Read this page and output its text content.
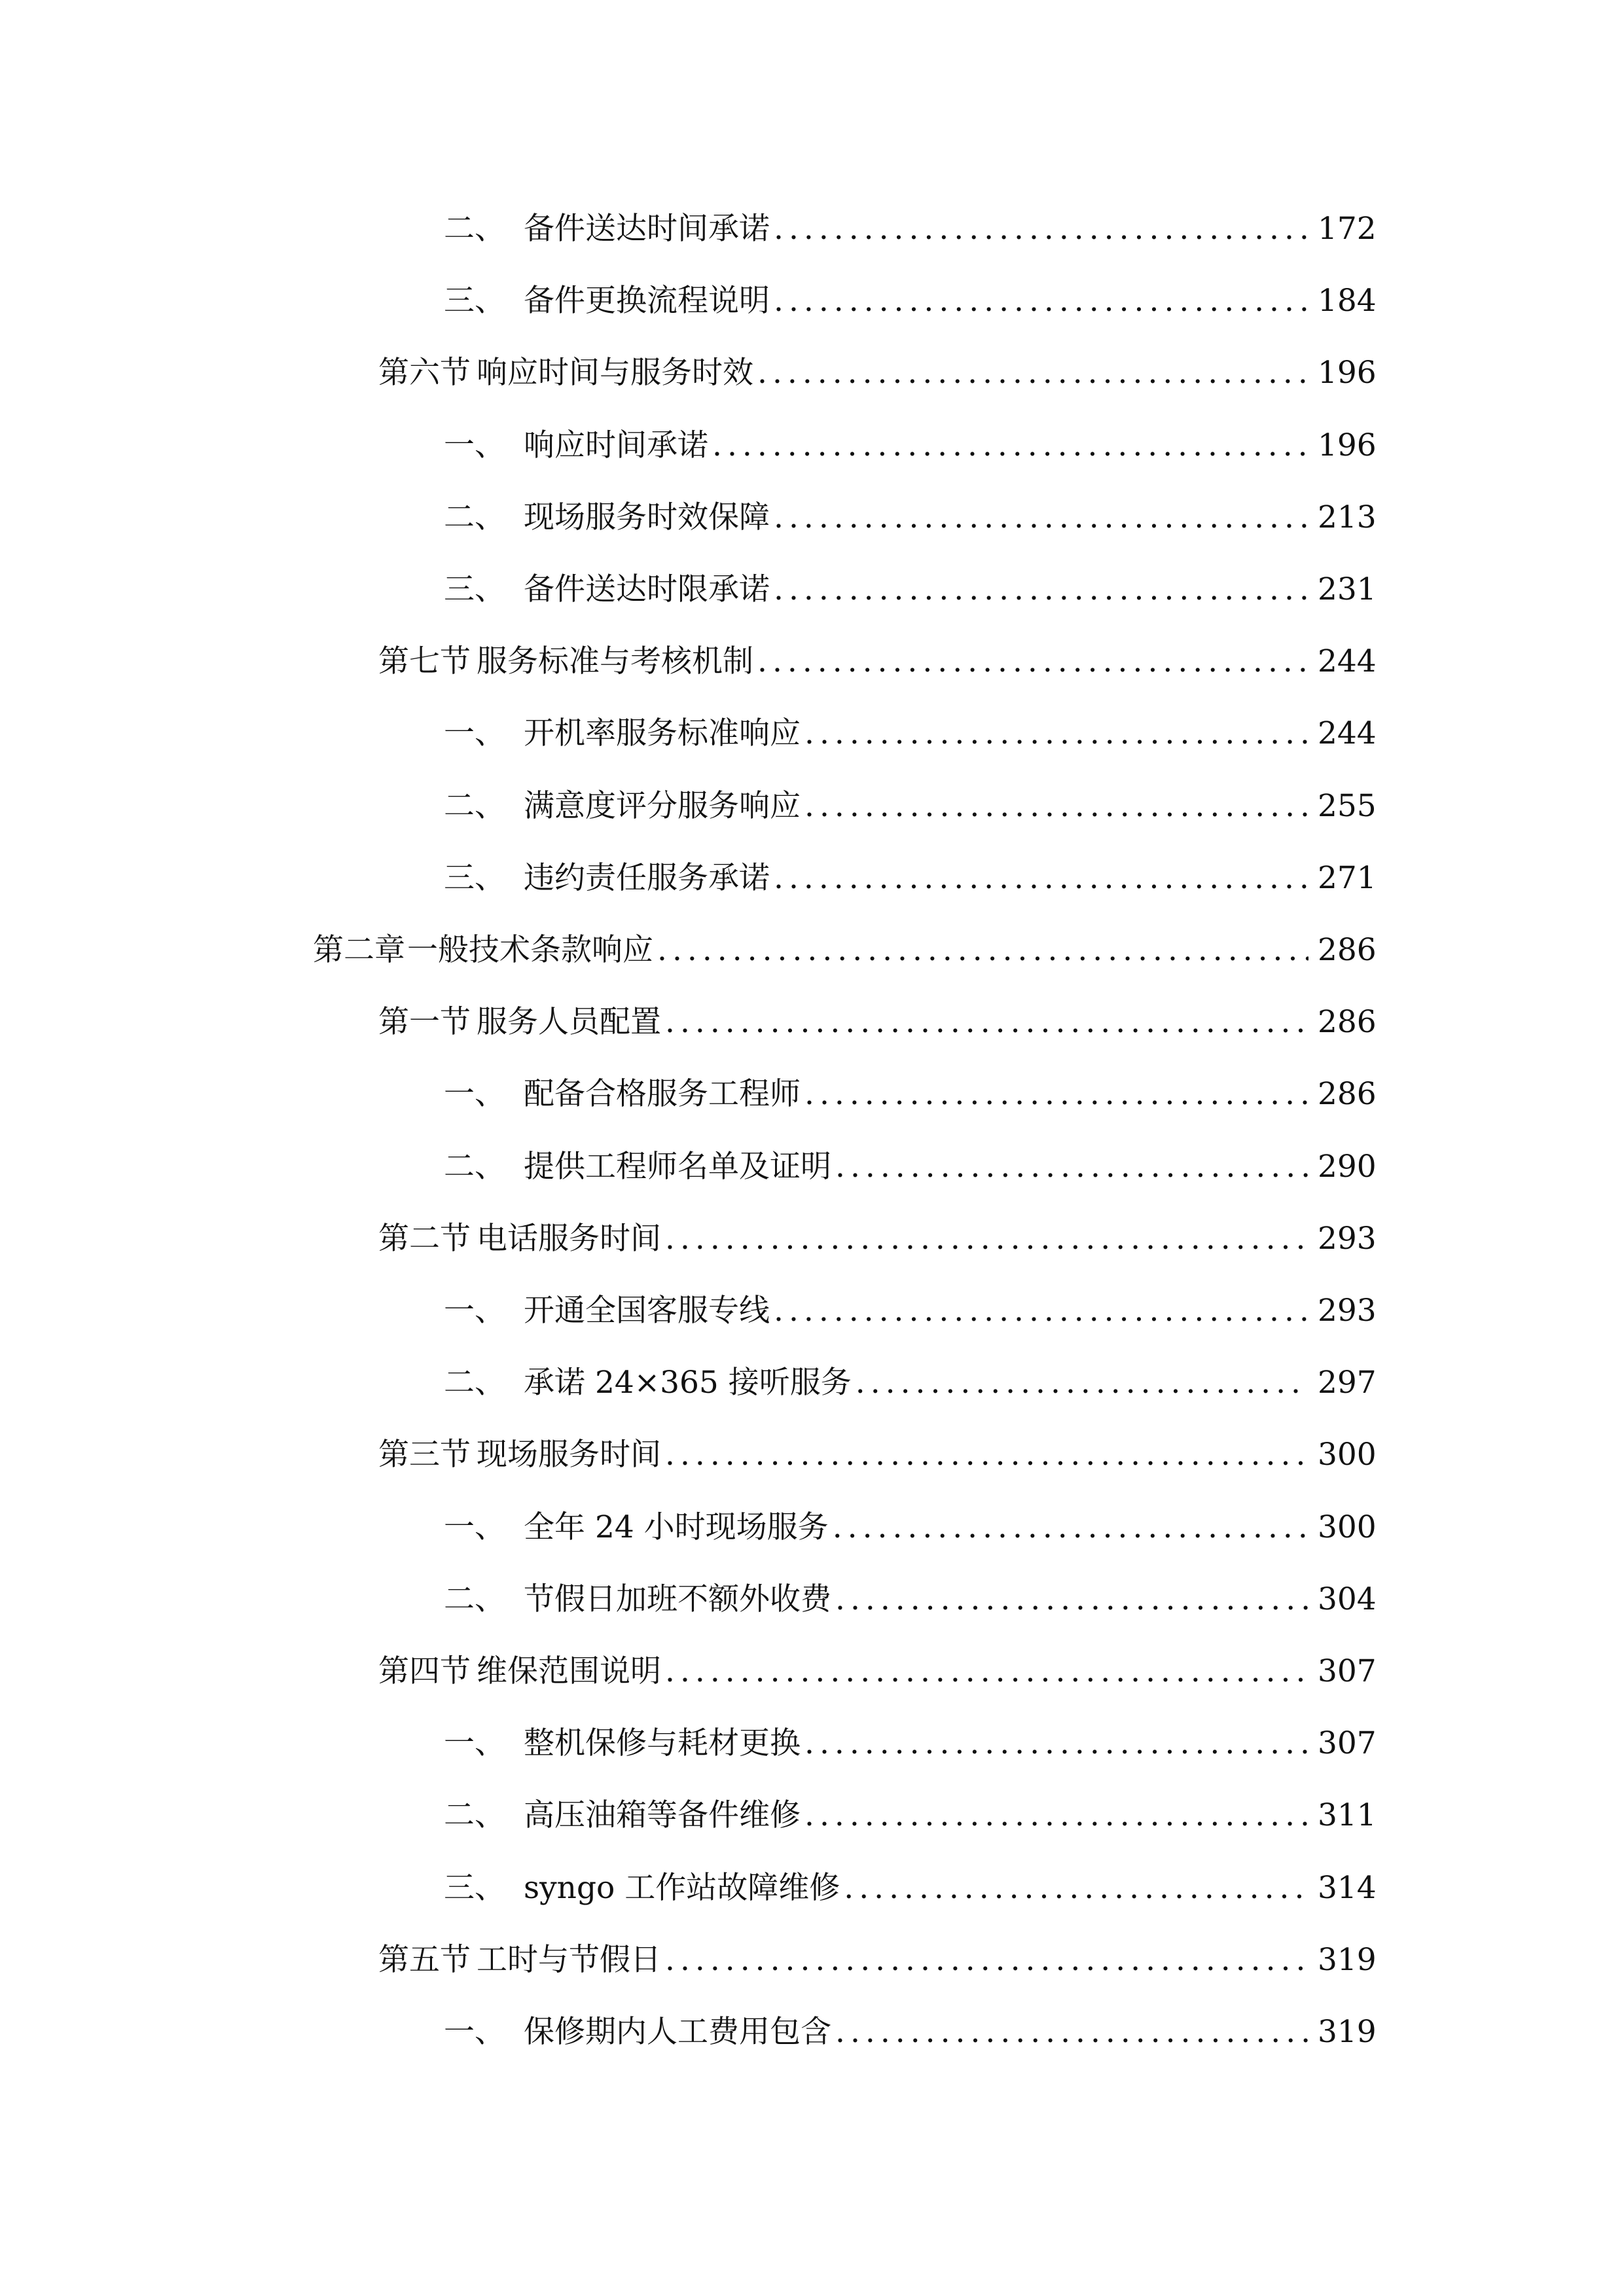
二、 备件送达时间承诺 .....	172
三、 备件更换流程说明 .....	184
第六节 响应时间与服务时效 .....	196
一、 响应时间承诺 .....	196
二、 现场服务时效保障 .....	213
三、 备件送达时限承诺 .....	231
第七节 服务标准与考核机制 .....	244
一、 开机率服务标准响应 .....	244
二、 满意度评分服务响应 .....	255
三、 违约责任服务承诺 .....	271
第二章 一般技术条款响应 .....	286
第一节 服务人员配置 .....	286
一、 配备合格服务工程师 .....	286
二、 提供工程师名单及证明 .....	290
第二节 电话服务时间 .....	293
一、 开通全国客服专线 .....	293
二、 承诺 24×365 接听服务 .....	297
第三节 现场服务时间 .....	300
一、 全年 24 小时现场服务 .....	300
二、 节假日加班不额外收费 .....	304
第四节 维保范围说明 .....	307
一、 整机保修与耗材更换 .....	307
二、 高压油箱等备件维修 .....	311
三、 syngo 工作站故障维修 .....	314
第五节 工时与节假日 .....	319
一、 保修期内人工费用包含 .....	319
